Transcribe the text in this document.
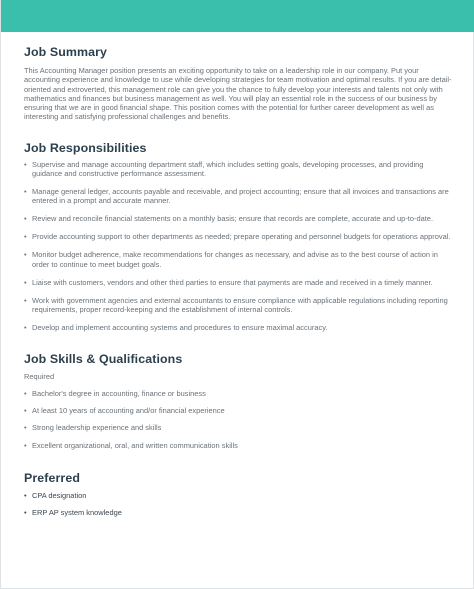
Job Summary

This Accounting Manager position presents an exciting opportunity to take on a leadership role in our company. Put your accounting experience and knowledge to use while developing strategies for team motivation and optimal results. If you are detail-oriented and extroverted, this management role can give you the chance to fully develop your interests and talents not only with mathematics and finances but business management as well. You will play an essential role in the success of our business by ensuring that we are in good financial shape. This position comes with the potential for further career development as well as interesting and satisfying professional challenges and benefits.

Job Responsibilities
• Supervise and manage accounting department staff, which includes setting goals, developing processes, and providing guidance and constructive performance assessment.
• Manage general ledger, accounts payable and receivable, and project accounting; ensure that all invoices and transactions are entered in a prompt and accurate manner.
• Review and reconcile financial statements on a monthly basis; ensure that records are complete, accurate and up-to-date.
• Provide accounting support to other departments as needed; prepare operating and personnel budgets for operations approval.
• Monitor budget adherence, make recommendations for changes as necessary, and advise as to the best course of action in order to continue to meet budget goals.
• Liaise with customers, vendors and other third parties to ensure that payments are made and received in a timely manner.
• Work with government agencies and external accountants to ensure compliance with applicable regulations including reporting requirements, proper record-keeping and the establishment of internal controls.
• Develop and implement accounting systems and procedures to ensure maximal accuracy.
Job Skills & Qualifications
Required
• Bachelor's degree in accounting, finance or business
• At least 10 years of accounting and/or financial experience
• Strong leadership experience and skills
• Excellent organizational, oral, and written communication skills
Preferred
• CPA designation
• ERP AP system knowledge
